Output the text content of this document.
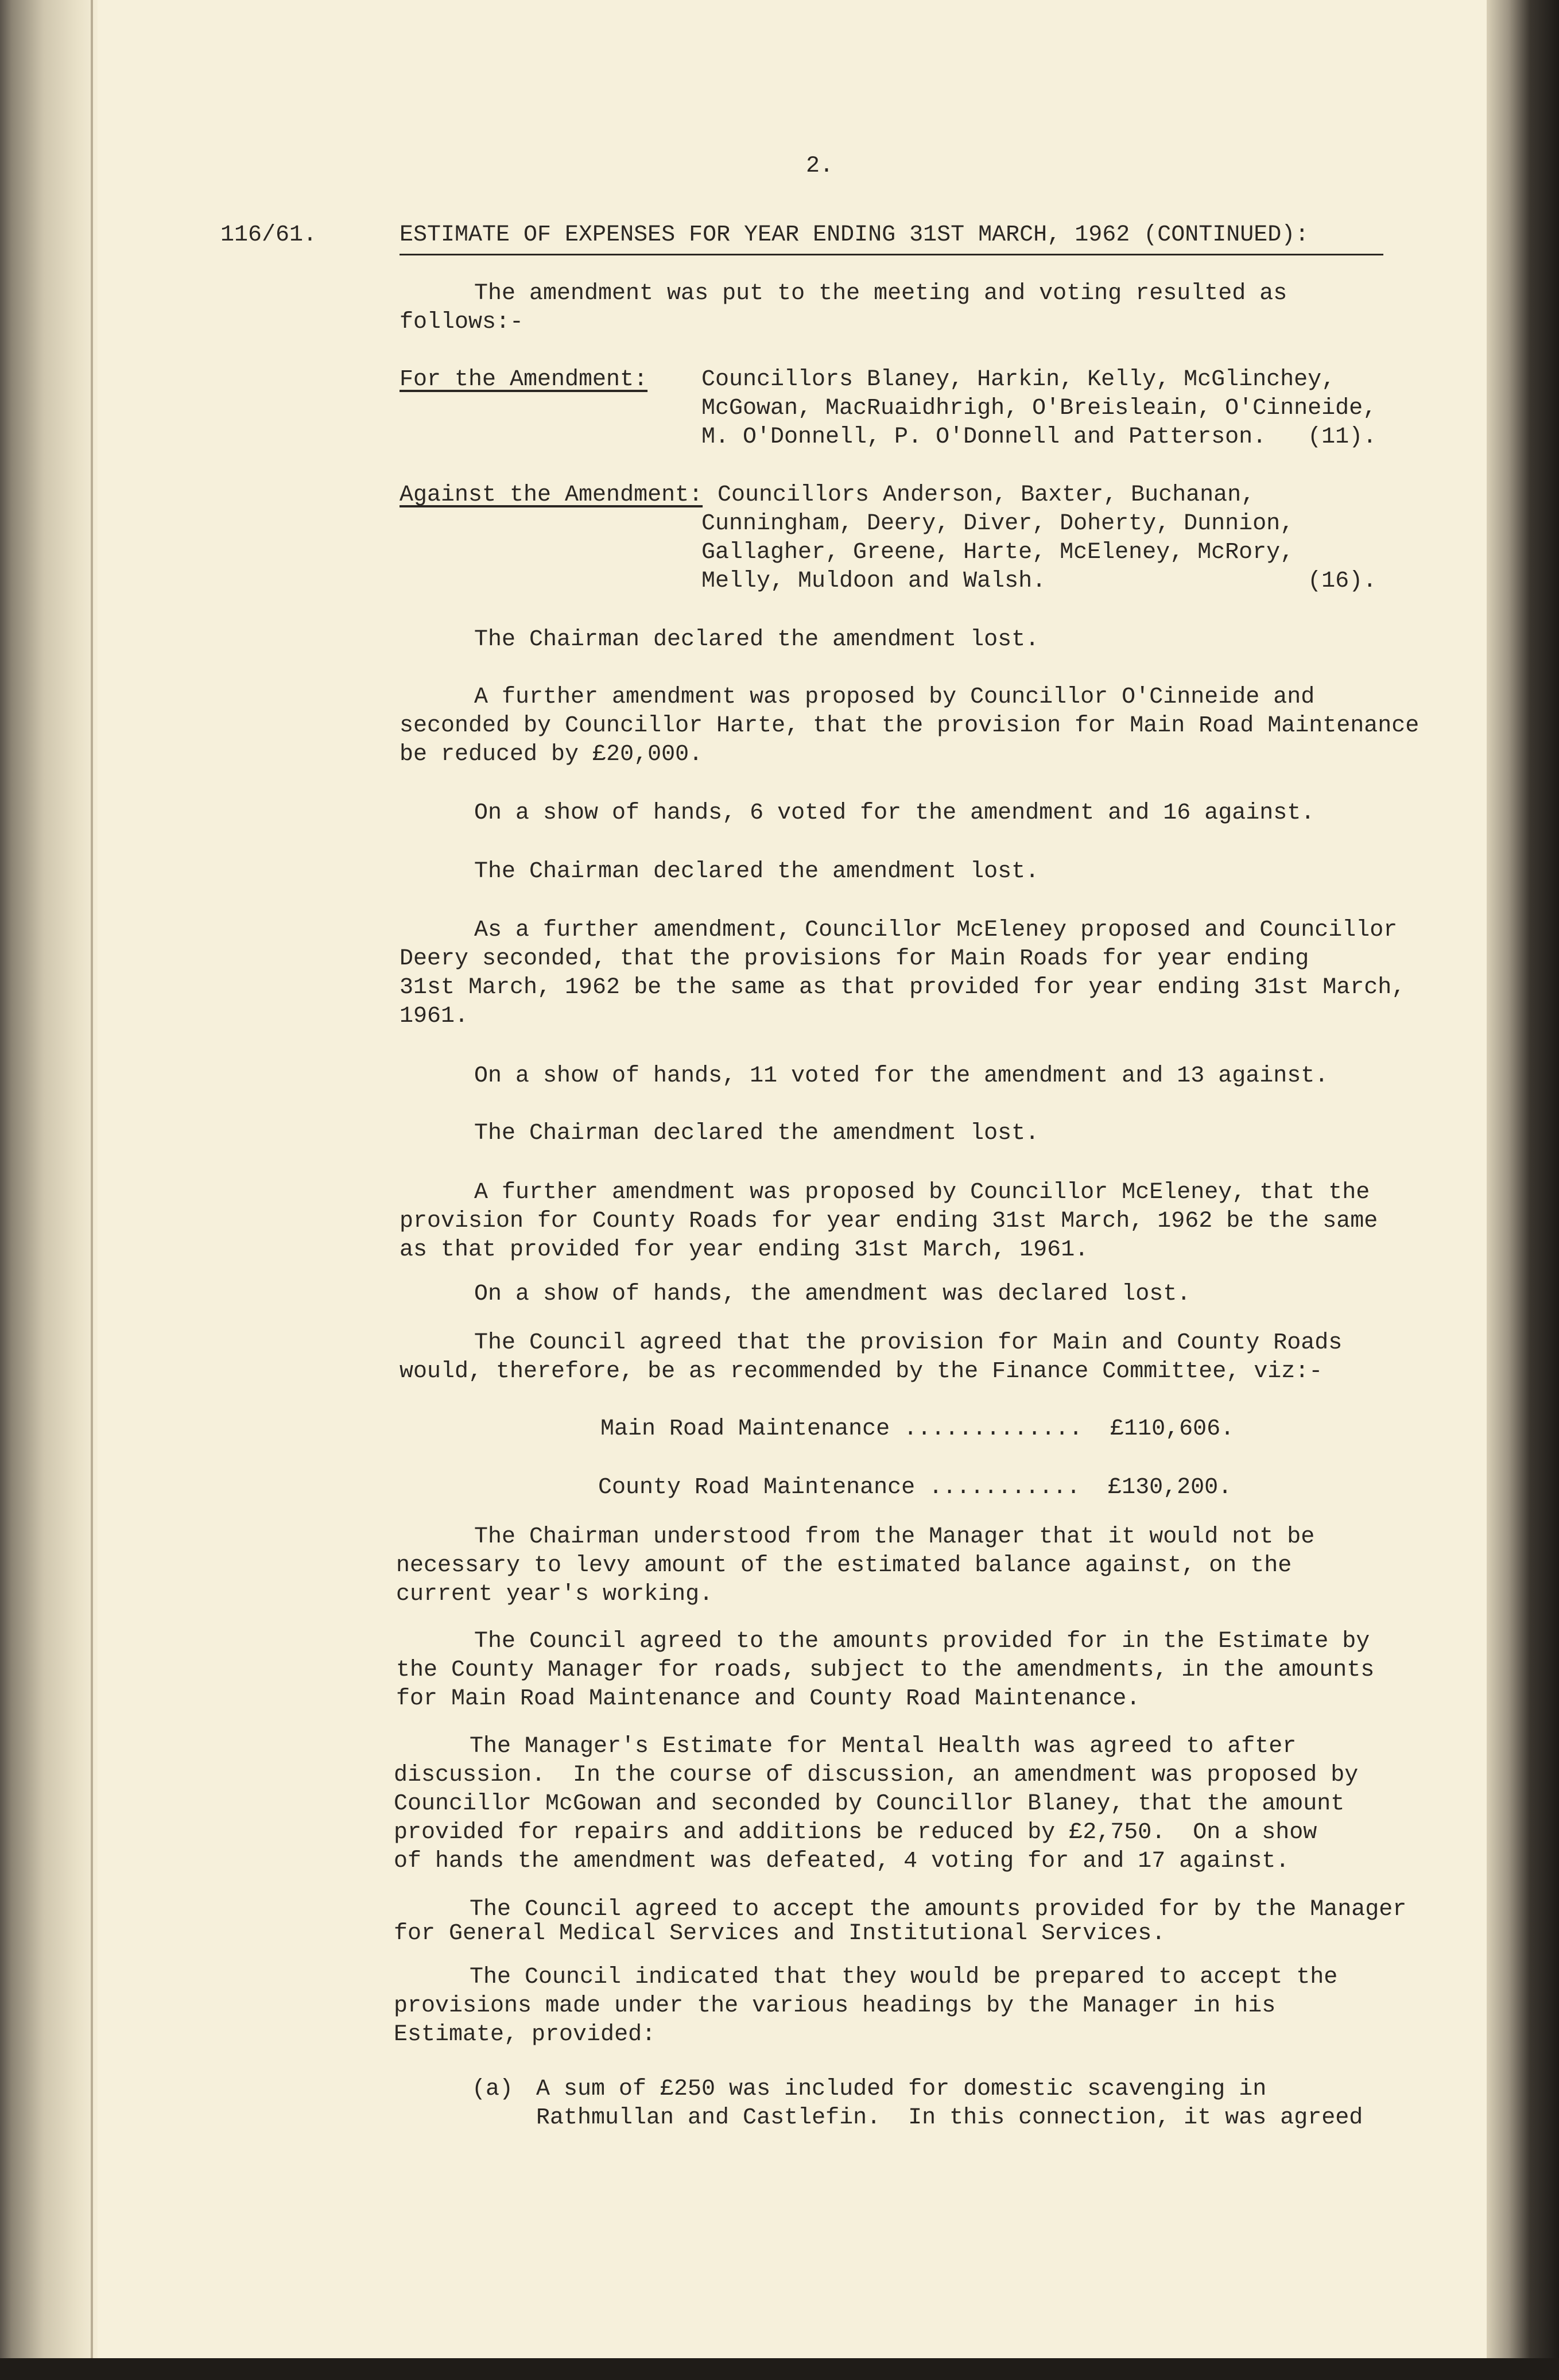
2.

116/61.	ESTIMATE OF EXPENSES FOR YEAR ENDING 31ST MARCH, 1962 (CONTINUED):

The amendment was put to the meeting and voting resulted as

follows:-

For the Amendment: Councillors Blaney, Harkin, Kelly, McGlinchey,

McGowan, MacRuaidhrigh, O'Breisleain, O'Cinneide,

M. O'Donnell, P. O'Donnell and Patterson.   (11).

Against the Amendment: Councillors Anderson, Baxter, Buchanan,

Cunningham, Deery, Diver, Doherty, Dunnion,

Gallagher, Greene, Harte, McEleney, McRory,

Melly, Muldoon and Walsh.                   (16).

The Chairman declared the amendment lost.

A further amendment was proposed by Councillor O'Cinneide and

seconded by Councillor Harte, that the provision for Main Road Maintenance

be reduced by £20,000.

On a show of hands, 6 voted for the amendment and 16 against.

The Chairman declared the amendment lost.

As a further amendment, Councillor McEleney proposed and Councillor

Deery seconded, that the provisions for Main Roads for year ending

31st March, 1962 be the same as that provided for year ending 31st March,

1961.

On a show of hands, 11 voted for the amendment and 13 against.

The Chairman declared the amendment lost.

A further amendment was proposed by Councillor McEleney, that the

provision for County Roads for year ending 31st March, 1962 be the same

as that provided for year ending 31st March, 1961.

On a show of hands, the amendment was declared lost.

The Council agreed that the provision for Main and County Roads

would, therefore, be as recommended by the Finance Committee, viz:-

Main Road Maintenance .............  £110,606.

County Road Maintenance ...........  £130,200.

The Chairman understood from the Manager that it would not be

necessary to levy amount of the estimated balance against, on the

current year's working.

The Council agreed to the amounts provided for in the Estimate by

the County Manager for roads, subject to the amendments, in the amounts

for Main Road Maintenance and County Road Maintenance.

The Manager's Estimate for Mental Health was agreed to after

discussion.  In the course of discussion, an amendment was proposed by

Councillor McGowan and seconded by Councillor Blaney, that the amount

provided for repairs and additions be reduced by £2,750.  On a show

of hands the amendment was defeated, 4 voting for and 17 against.

The Council agreed to accept the amounts provided for by the Manager

for General Medical Services and Institutional Services.

The Council indicated that they would be prepared to accept the

provisions made under the various headings by the Manager in his

Estimate, provided:

(a) A sum of £250 was included for domestic scavenging in

Rathmullan and Castlefin.  In this connection, it was agreed
